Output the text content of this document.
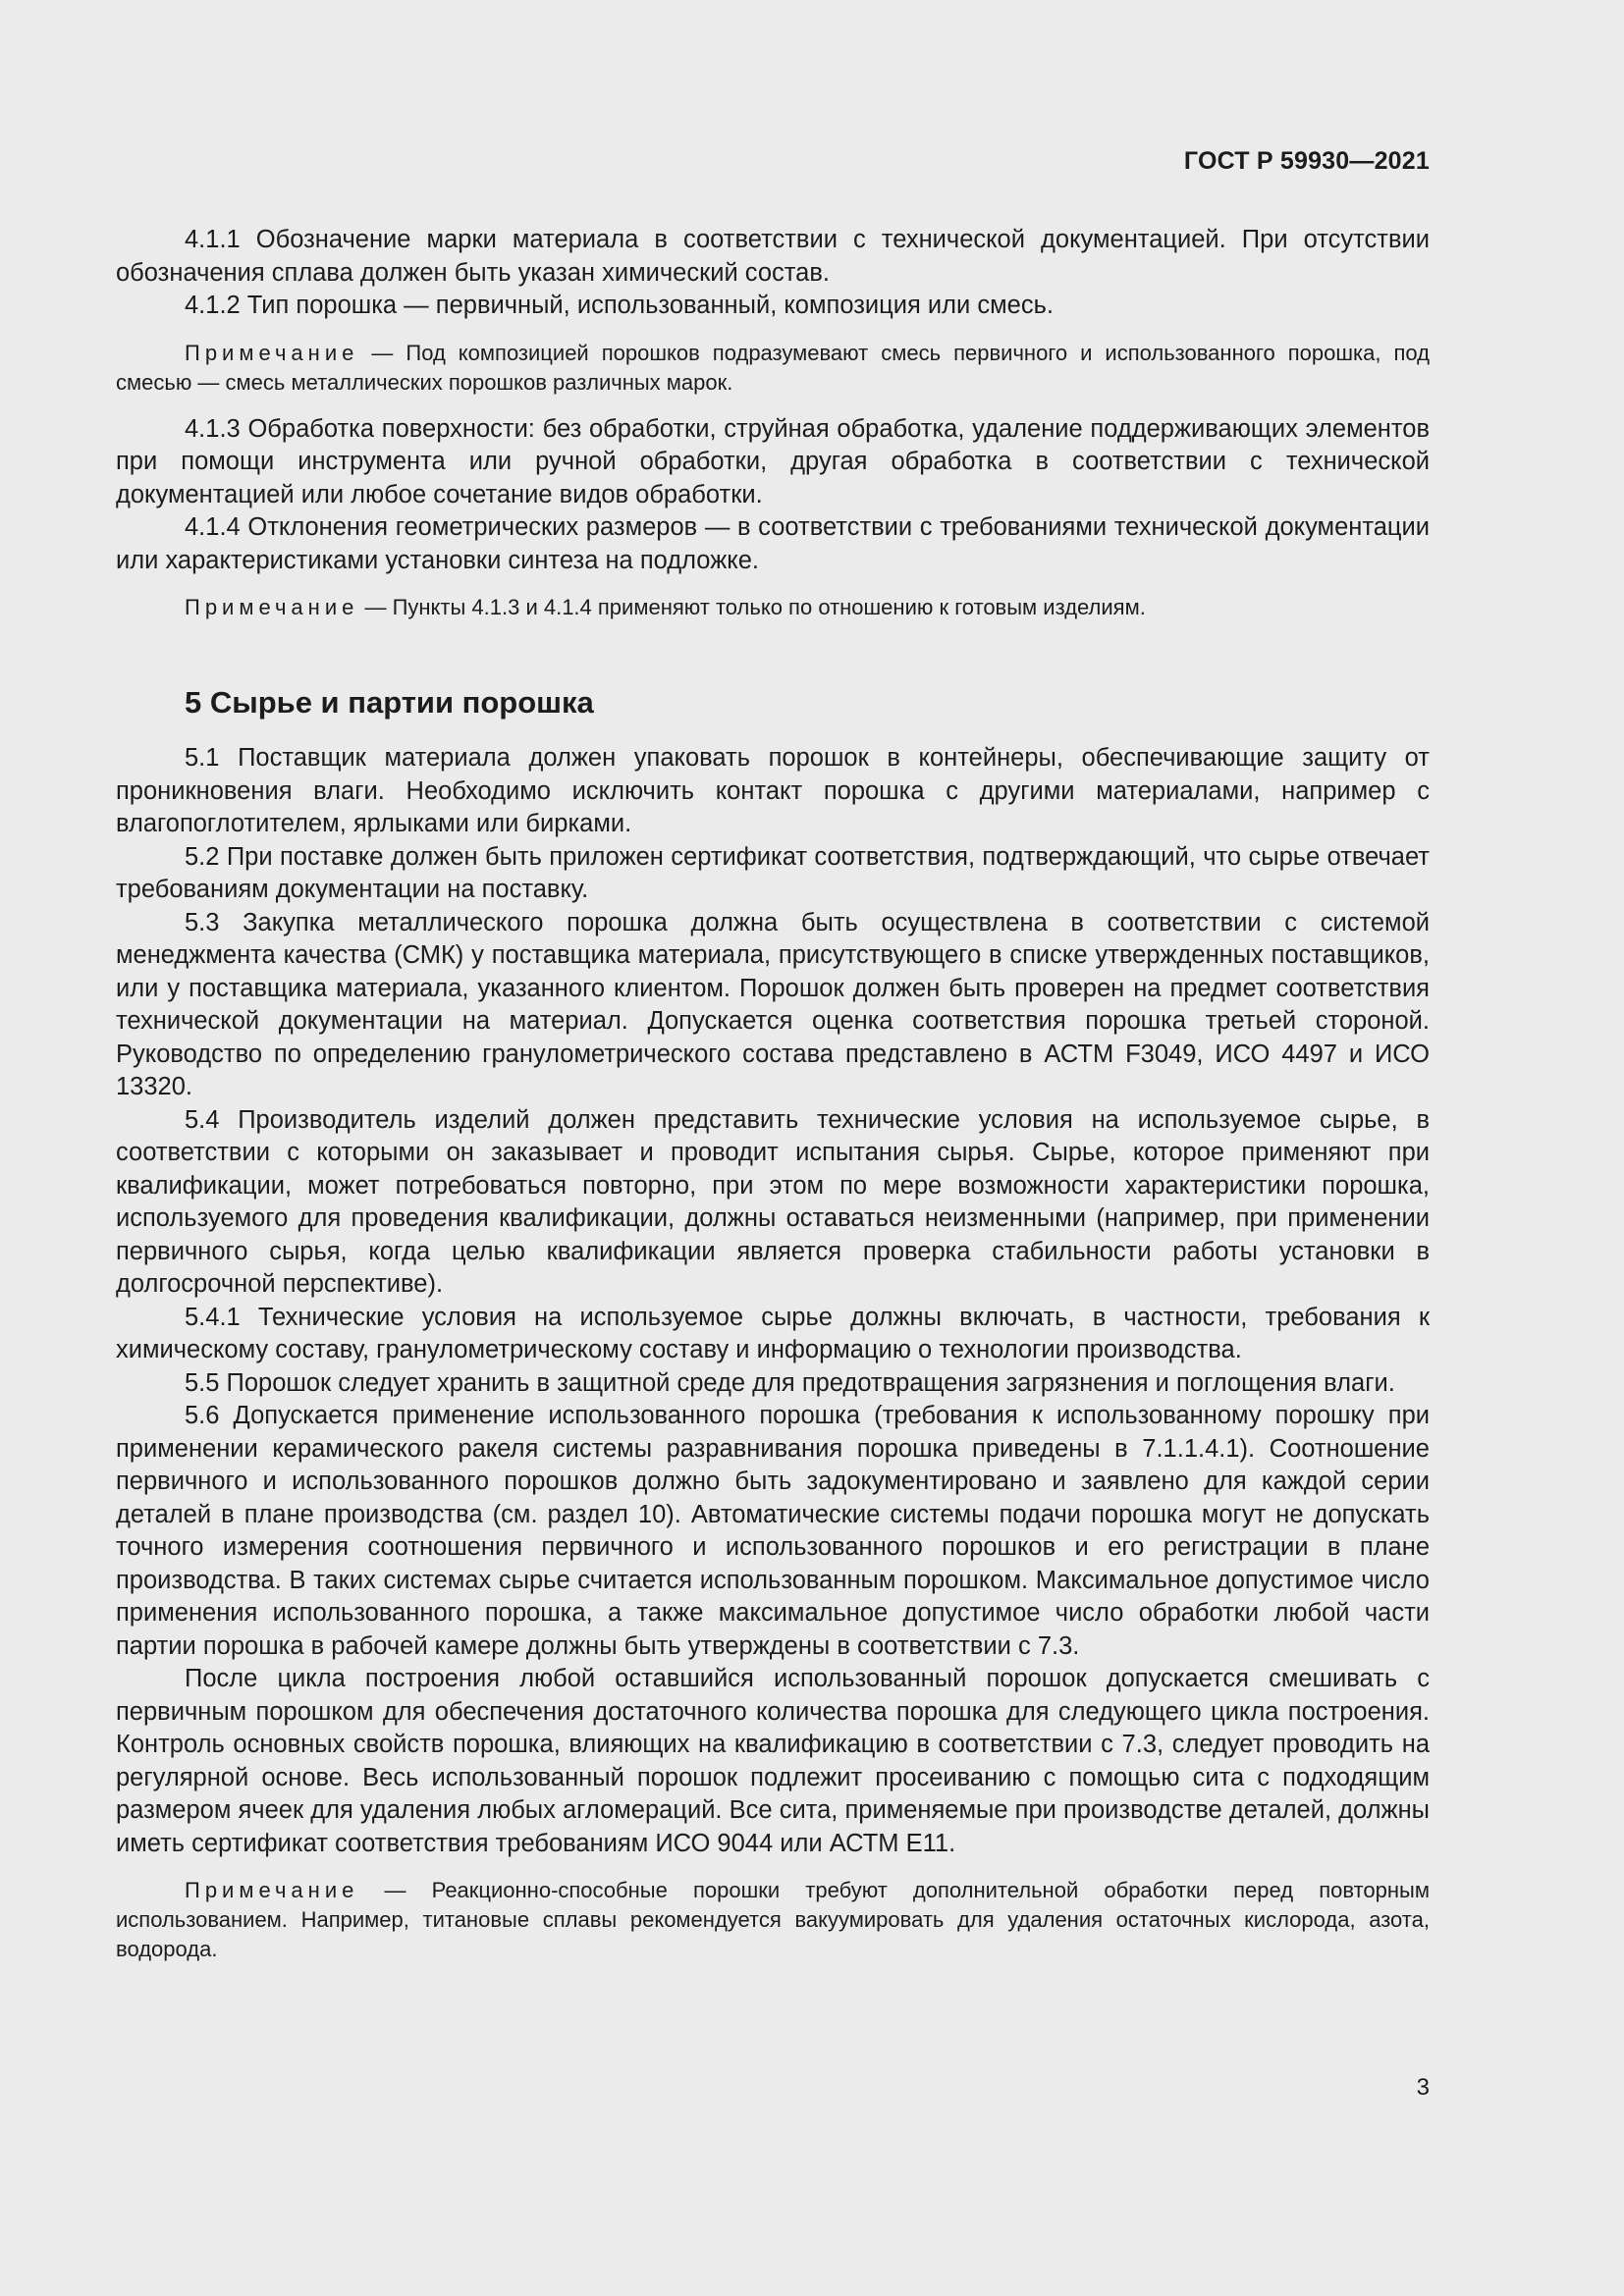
ГОСТ Р 59930—2021

4.1.1 Обозначение марки материала в соответствии с технической документацией. При отсутствии обозначения сплава должен быть указан химический состав.

4.1.2 Тип порошка — первичный, использованный, композиция или смесь.

Примечание — Под композицией порошков подразумевают смесь первичного и использованного порошка, под смесью — смесь металлических порошков различных марок.

4.1.3 Обработка поверхности: без обработки, струйная обработка, удаление поддерживающих элементов при помощи инструмента или ручной обработки, другая обработка в соответствии с технической документацией или любое сочетание видов обработки.

4.1.4 Отклонения геометрических размеров — в соответствии с требованиями технической документации или характеристиками установки синтеза на подложке.

Примечание — Пункты 4.1.3 и 4.1.4 применяют только по отношению к готовым изделиям.

5 Сырье и партии порошка

5.1 Поставщик материала должен упаковать порошок в контейнеры, обеспечивающие защиту от проникновения влаги. Необходимо исключить контакт порошка с другими материалами, например с влагопоглотителем, ярлыками или бирками.

5.2 При поставке должен быть приложен сертификат соответствия, подтверждающий, что сырье отвечает требованиям документации на поставку.

5.3 Закупка металлического порошка должна быть осуществлена в соответствии с системой менеджмента качества (СМК) у поставщика материала, присутствующего в списке утвержденных поставщиков, или у поставщика материала, указанного клиентом. Порошок должен быть проверен на предмет соответствия технической документации на материал. Допускается оценка соответствия порошка третьей стороной. Руководство по определению гранулометрического состава представлено в АСТМ F3049, ИСО 4497 и ИСО 13320.

5.4 Производитель изделий должен представить технические условия на используемое сырье, в соответствии с которыми он заказывает и проводит испытания сырья. Сырье, которое применяют при квалификации, может потребоваться повторно, при этом по мере возможности характеристики порошка, используемого для проведения квалификации, должны оставаться неизменными (например, при применении первичного сырья, когда целью квалификации является проверка стабильности работы установки в долгосрочной перспективе).

5.4.1 Технические условия на используемое сырье должны включать, в частности, требования к химическому составу, гранулометрическому составу и информацию о технологии производства.

5.5 Порошок следует хранить в защитной среде для предотвращения загрязнения и поглощения влаги.

5.6 Допускается применение использованного порошка (требования к использованному порошку при применении керамического ракеля системы разравнивания порошка приведены в 7.1.1.4.1). Соотношение первичного и использованного порошков должно быть задокументировано и заявлено для каждой серии деталей в плане производства (см. раздел 10). Автоматические системы подачи порошка могут не допускать точного измерения соотношения первичного и использованного порошков и его регистрации в плане производства. В таких системах сырье считается использованным порошком. Максимальное допустимое число применения использованного порошка, а также максимальное допустимое число обработки любой части партии порошка в рабочей камере должны быть утверждены в соответствии с 7.3.

После цикла построения любой оставшийся использованный порошок допускается смешивать с первичным порошком для обеспечения достаточного количества порошка для следующего цикла построения. Контроль основных свойств порошка, влияющих на квалификацию в соответствии с 7.3, следует проводить на регулярной основе. Весь использованный порошок подлежит просеиванию с помощью сита с подходящим размером ячеек для удаления любых агломераций. Все сита, применяемые при производстве деталей, должны иметь сертификат соответствия требованиям ИСО 9044 или АСТМ E11.

Примечание — Реакционно-способные порошки требуют дополнительной обработки перед повторным использованием. Например, титановые сплавы рекомендуется вакуумировать для удаления остаточных кислорода, азота, водорода.

3
